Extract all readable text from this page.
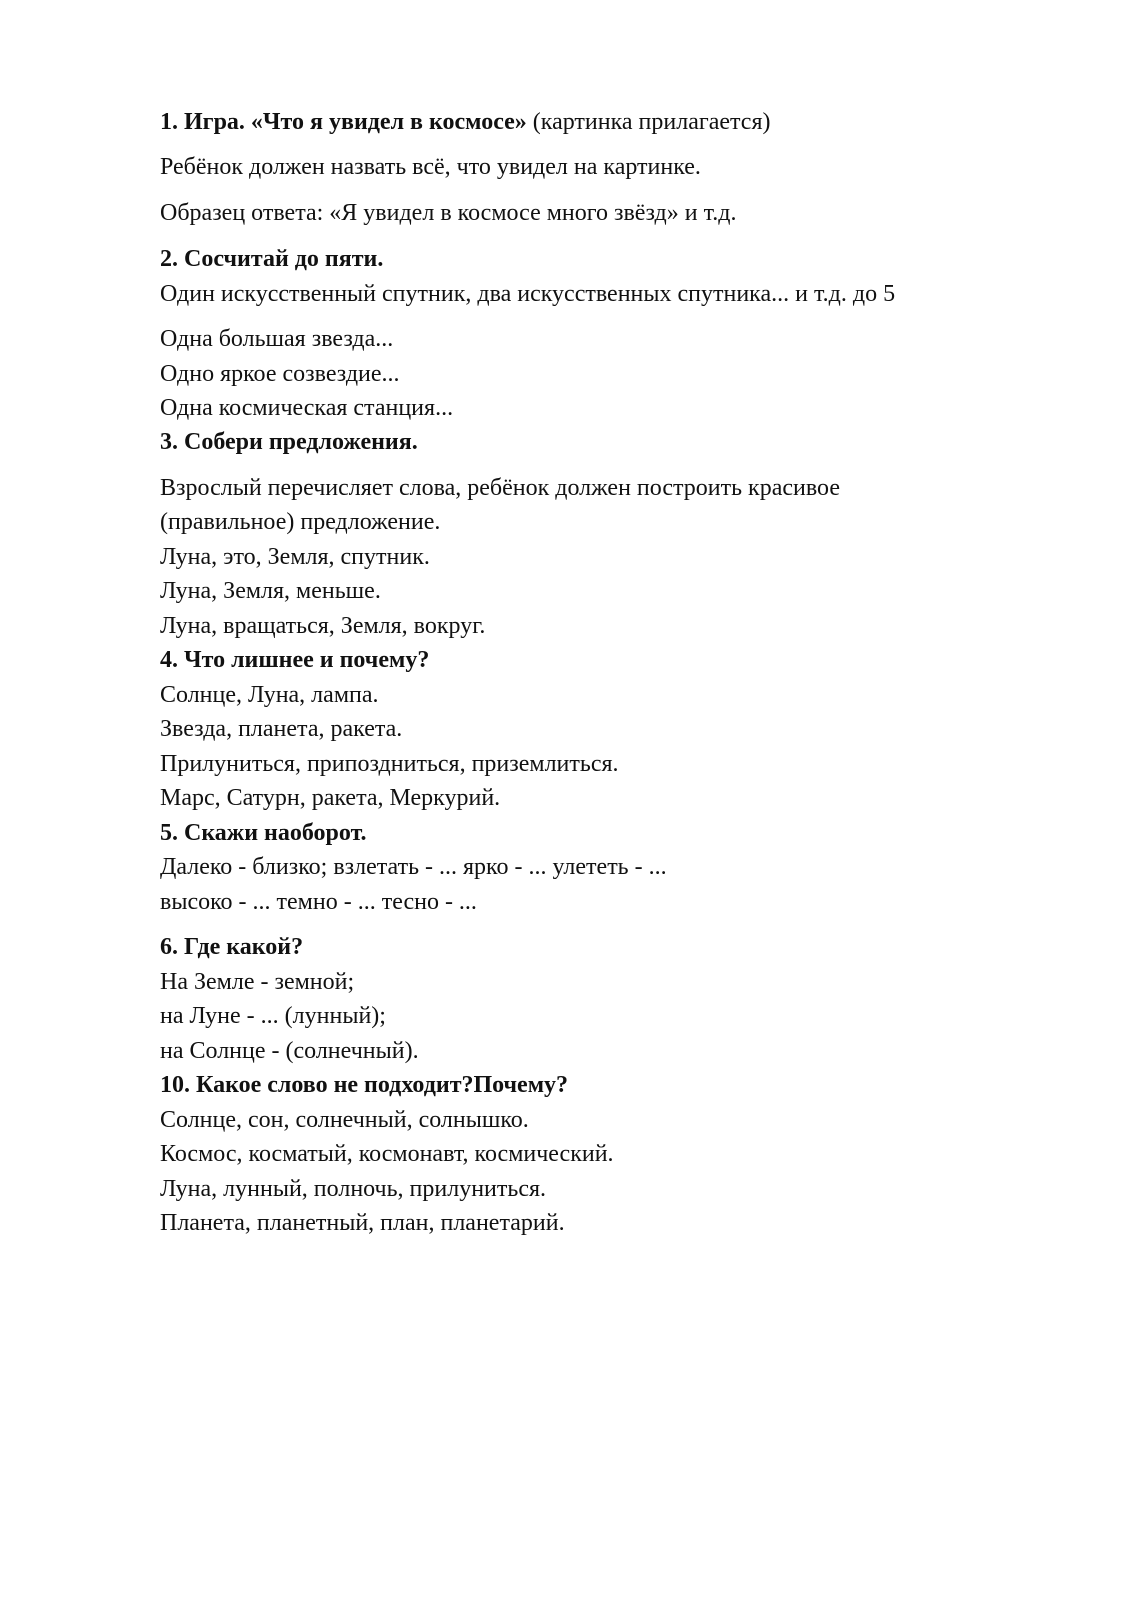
1. Игра. «Что я увидел в космосе» (картинка прилагается)

Ребёнок должен назвать всё, что увидел на картинке.

Образец ответа: «Я увидел в космосе много звёзд» и т.д.

2. Сосчитай до пяти.

Один искусственный спутник, два искусственных спутника... и т.д. до 5

Одна большая звезда...

Одно яркое созвездие...

Одна космическая станция...

3. Собери предложения.

Взрослый перечисляет слова, ребёнок должен построить красивое

(правильное) предложение.

Луна, это, Земля, спутник.

Луна, Земля, меньше.

Луна, вращаться, Земля, вокруг.

4. Что лишнее и почему?

Солнце, Луна, лампа.

Звезда, планета, ракета.

Прилуниться, припоздниться, приземлиться.

Марс, Сатурн, ракета, Меркурий.

5. Скажи наоборот.

Далеко - близко; взлетать - ... ярко - ... улететь - ...

высоко - ... темно - ... тесно - ...

6. Где какой?

На Земле - земной;

на Луне - ... (лунный);

на Солнце - (солнечный).

10. Какое слово не подходит?Почему?

Солнце, сон, солнечный, солнышко.

Космос, косматый, космонавт, космический.

Луна, лунный, полночь, прилуниться.

Планета, планетный, план, планетарий.
